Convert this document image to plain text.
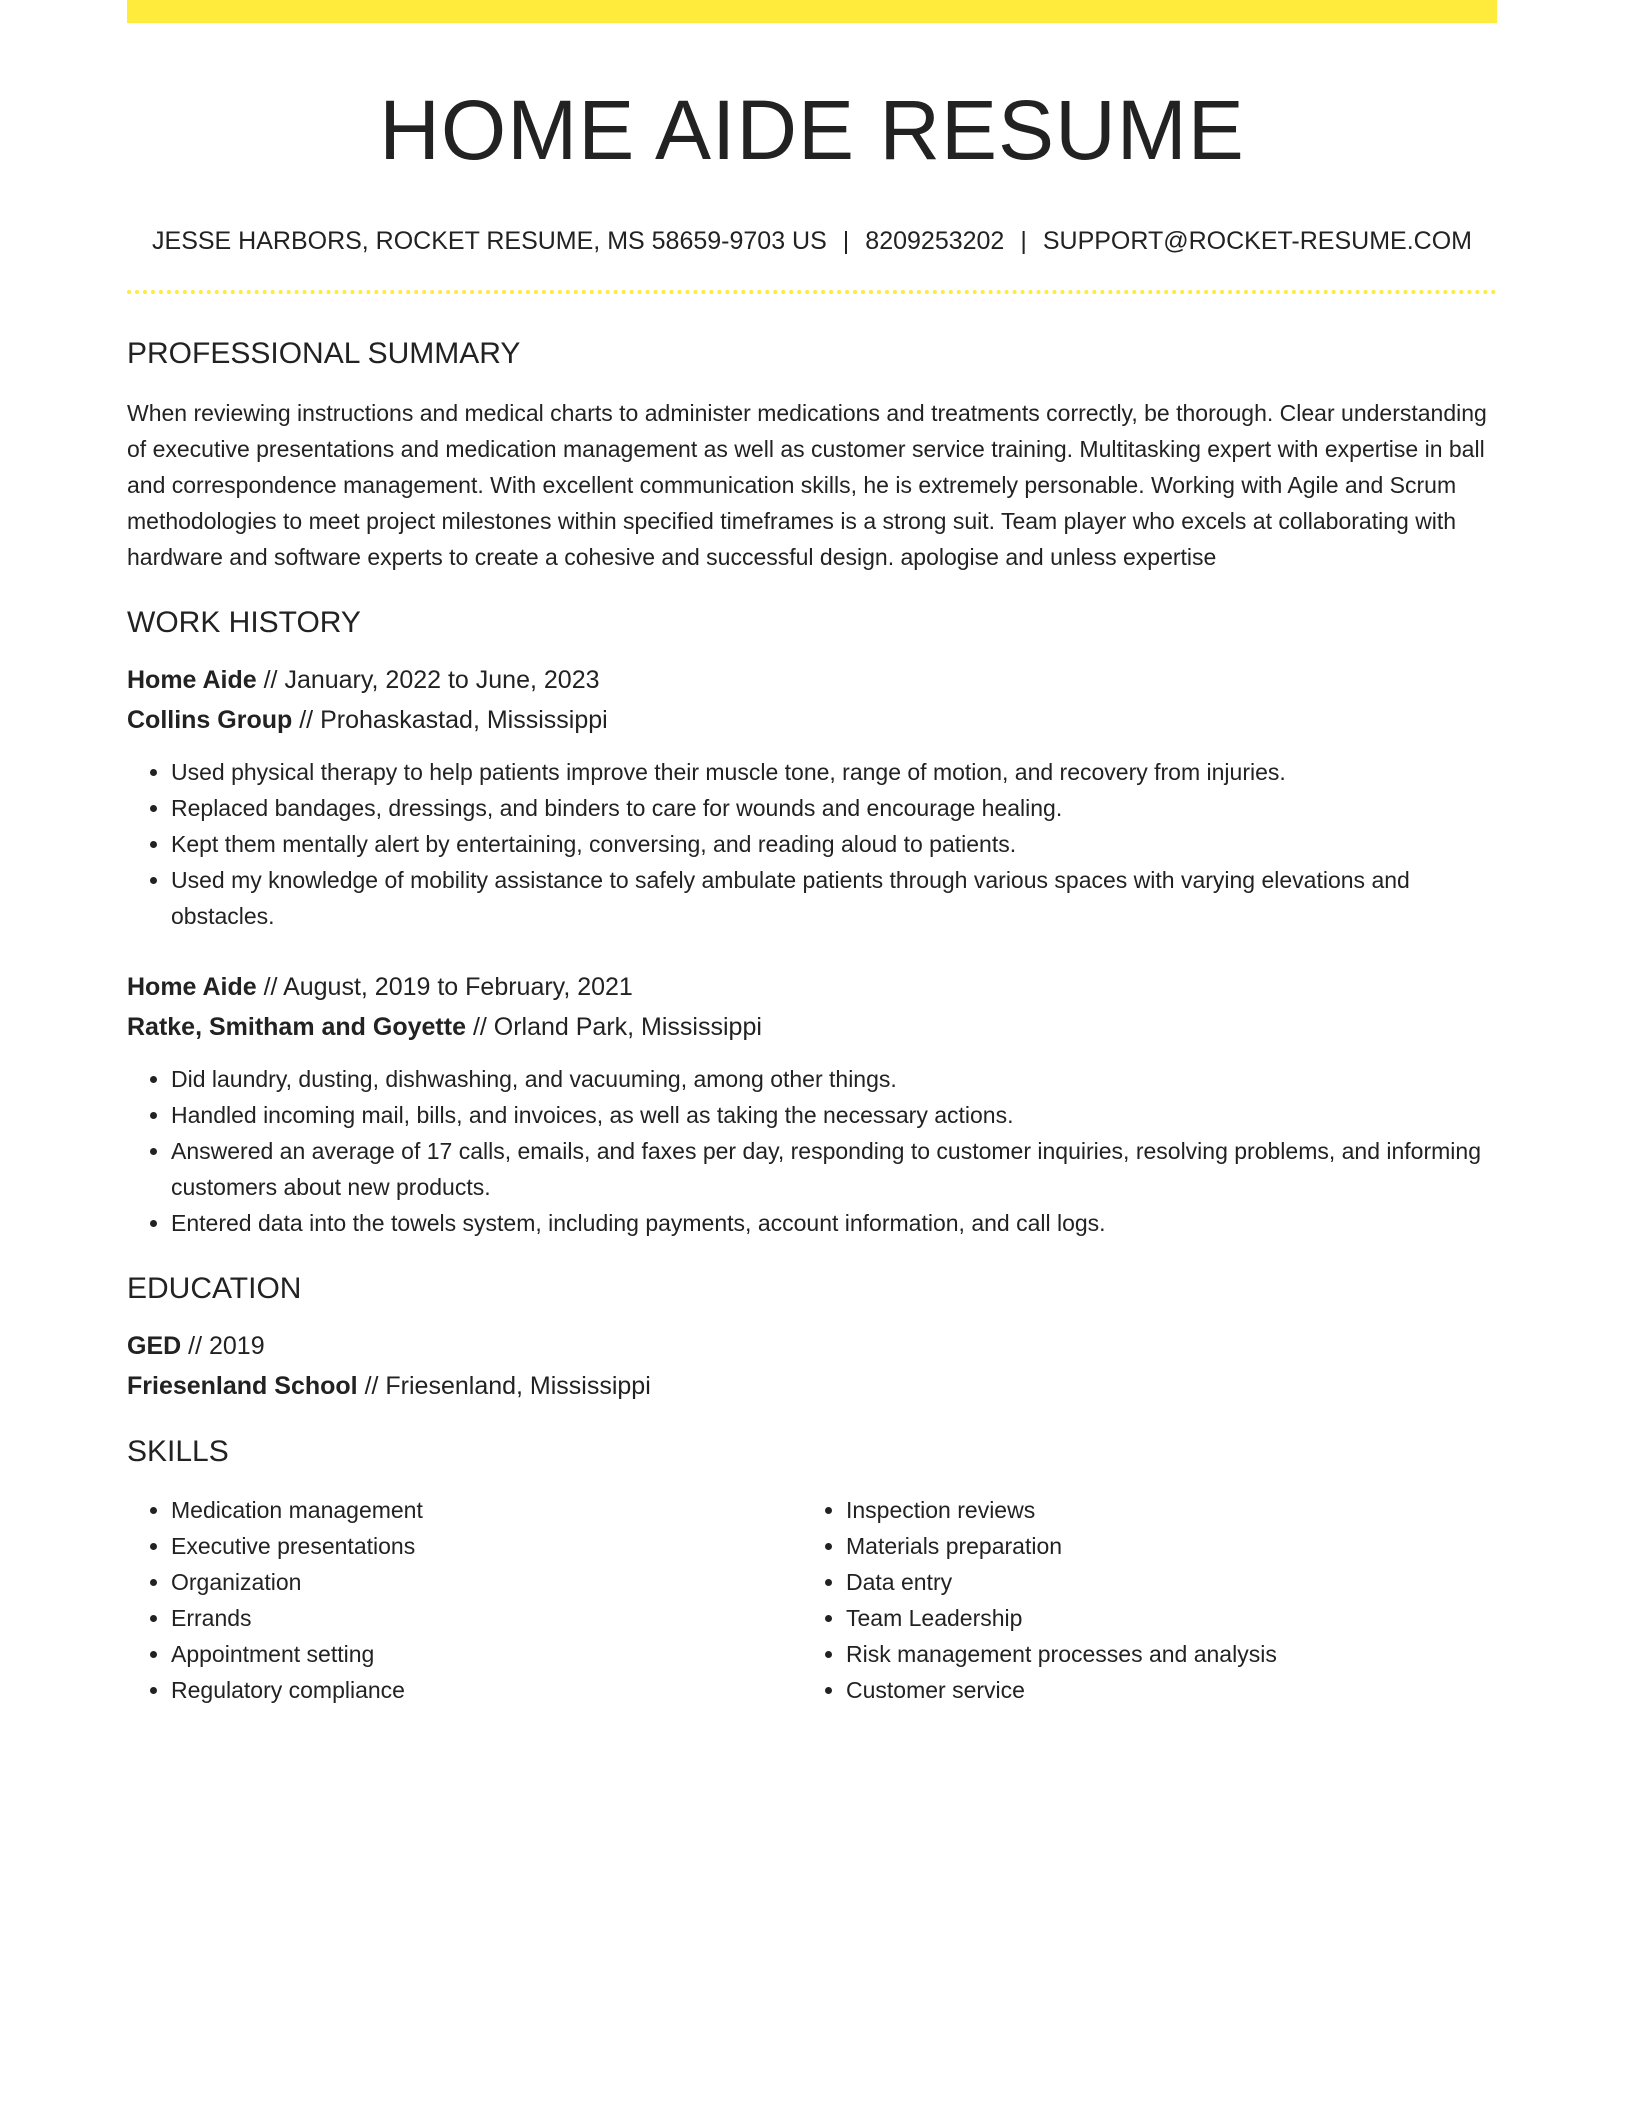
HOME AIDE RESUME
JESSE HARBORS, ROCKET RESUME, MS 58659-9703 US | 8209253202 | SUPPORT@ROCKET-RESUME.COM
PROFESSIONAL SUMMARY

When reviewing instructions and medical charts to administer medications and treatments correctly, be thorough. Clear understanding of executive presentations and medication management as well as customer service training. Multitasking expert with expertise in ball and correspondence management. With excellent communication skills, he is extremely personable. Working with Agile and Scrum methodologies to meet project milestones within specified timeframes is a strong suit. Team player who excels at collaborating with hardware and software experts to create a cohesive and successful design. apologise and unless expertise

WORK HISTORY
Home Aide // January, 2022 to June, 2023
Collins Group // Prohaskastad, Mississippi
• Used physical therapy to help patients improve their muscle tone, range of motion, and recovery from injuries.
• Replaced bandages, dressings, and binders to care for wounds and encourage healing.
• Kept them mentally alert by entertaining, conversing, and reading aloud to patients.
• Used my knowledge of mobility assistance to safely ambulate patients through various spaces with varying elevations and obstacles.
Home Aide // August, 2019 to February, 2021
Ratke, Smitham and Goyette // Orland Park, Mississippi
• Did laundry, dusting, dishwashing, and vacuuming, among other things.
• Handled incoming mail, bills, and invoices, as well as taking the necessary actions.
• Answered an average of 17 calls, emails, and faxes per day, responding to customer inquiries, resolving problems, and informing customers about new products.
• Entered data into the towels system, including payments, account information, and call logs.
EDUCATION
GED // 2019
Friesenland School // Friesenland, Mississippi
SKILLS
• Medication management
• Executive presentations
• Organization
• Errands
• Appointment setting
• Regulatory compliance
• Inspection reviews
• Materials preparation
• Data entry
• Team Leadership
• Risk management processes and analysis
• Customer service
